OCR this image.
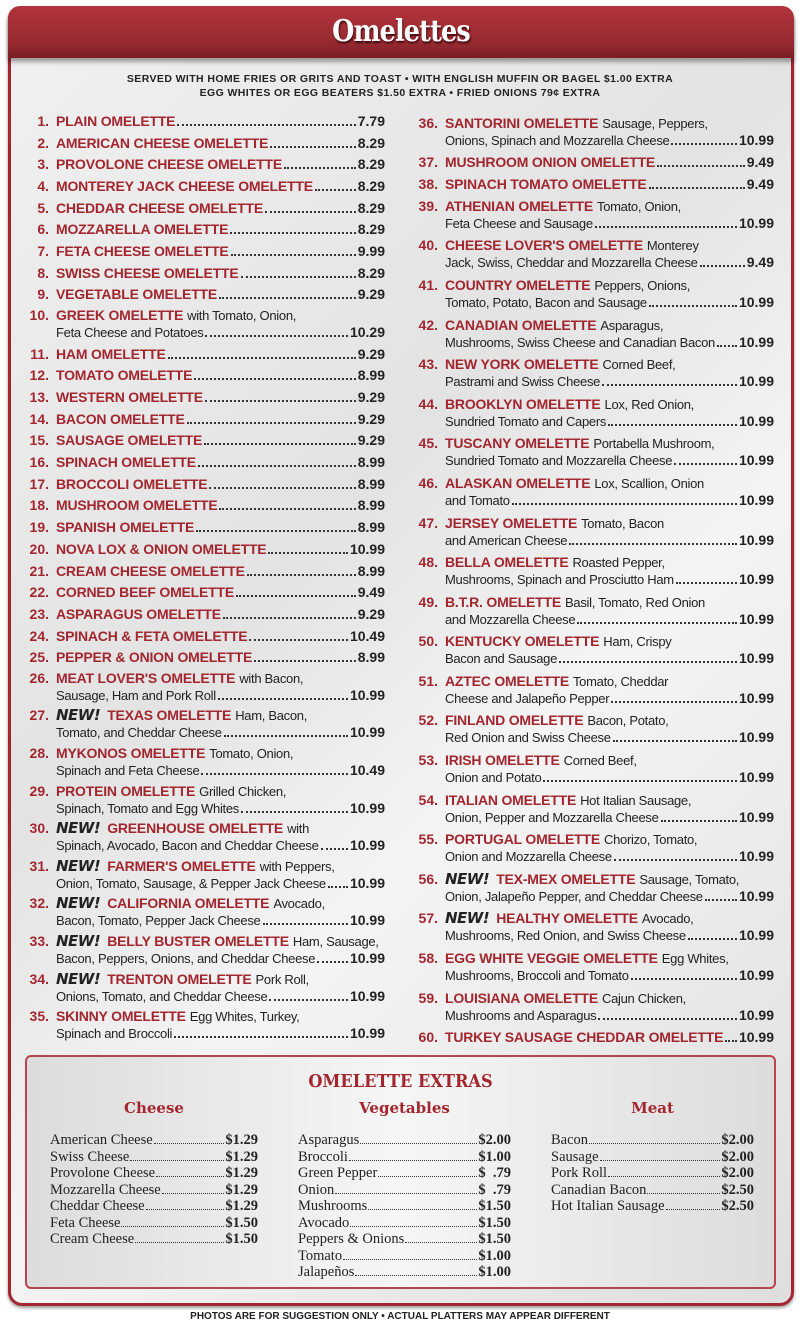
Omelettes
SERVED WITH HOME FRIES OR GRITS AND TOAST • WITH ENGLISH MUFFIN OR BAGEL $1.00 EXTRA
EGG WHITES OR EGG BEATERS $1.50 EXTRA • FRIED ONIONS 79¢ EXTRA
1. PLAIN OMELETTE	7.79
2. AMERICAN CHEESE OMELETTE	8.29
3. PROVOLONE CHEESE OMELETTE	8.29
4. MONTEREY JACK CHEESE OMELETTE	8.29
5. CHEDDAR CHEESE OMELETTE	8.29
6. MOZZARELLA OMELETTE	8.29
7. FETA CHEESE OMELETTE	9.99
8. SWISS CHEESE OMELETTE	8.29
9. VEGETABLE OMELETTE	9.29
10. GREEK OMELETTE with Tomato, Onion,
Feta Cheese and Potatoes	10.29
11. HAM OMELETTE	9.29
12. TOMATO OMELETTE	8.99
13. WESTERN OMELETTE	9.29
14. BACON OMELETTE	9.29
15. SAUSAGE OMELETTE	9.29
16. SPINACH OMELETTE	8.99
17. BROCCOLI OMELETTE	8.99
18. MUSHROOM OMELETTE	8.99
19. SPANISH OMELETTE	8.99
20. NOVA LOX & ONION OMELETTE	10.99
21. CREAM CHEESE OMELETTE	8.99
22. CORNED BEEF OMELETTE	9.49
23. ASPARAGUS OMELETTE	9.29
24. SPINACH & FETA OMELETTE	10.49
25. PEPPER & ONION OMELETTE	8.99
26. MEAT LOVER'S OMELETTE with Bacon,
Sausage, Ham and Pork Roll	10.99
27. NEW! TEXAS OMELETTE Ham, Bacon,
Tomato, and Cheddar Cheese	10.99
28. MYKONOS OMELETTE Tomato, Onion,
Spinach and Feta Cheese	10.49
29. PROTEIN OMELETTE Grilled Chicken,
Spinach, Tomato and Egg Whites	10.99
30. NEW! GREENHOUSE OMELETTE with
Spinach, Avocado, Bacon and Cheddar Cheese 10.99
31. NEW! FARMER'S OMELETTE with Peppers,
Onion, Tomato, Sausage, & Pepper Jack Cheese 10.99
32. NEW! CALIFORNIA OMELETTE Avocado,
Bacon, Tomato, Pepper Jack Cheese	10.99
33. NEW! BELLY BUSTER OMELETTE Ham, Sausage,
Bacon, Peppers, Onions, and Cheddar Cheese 10.99
34. NEW! TRENTON OMELETTE Pork Roll,
Onions, Tomato, and Cheddar Cheese	10.99
35. SKINNY OMELETTE Egg Whites, Turkey,
Spinach and Broccoli	10.99
36. SANTORINI OMELETTE Sausage, Peppers,
Onions, Spinach and Mozzarella Cheese	10.99
37. MUSHROOM ONION OMELETTE	9.49
38. SPINACH TOMATO OMELETTE	9.49
39. ATHENIAN OMELETTE Tomato, Onion,
Feta Cheese and Sausage	10.99
40. CHEESE LOVER'S OMELETTE Monterey
Jack, Swiss, Cheddar and Mozzarella Cheese	9.49
41. COUNTRY OMELETTE Peppers, Onions,
Tomato, Potato, Bacon and Sausage	10.99
42. CANADIAN OMELETTE Asparagus,
Mushrooms, Swiss Cheese and Canadian Bacon 10.99
43. NEW YORK OMELETTE Corned Beef,
Pastrami and Swiss Cheese	10.99
44. BROOKLYN OMELETTE Lox, Red Onion,
Sundried Tomato and Capers	10.99
45. TUSCANY OMELETTE Portabella Mushroom,
Sundried Tomato and Mozzarella Cheese	10.99
46. ALASKAN OMELETTE Lox, Scallion, Onion
and Tomato	10.99
47. JERSEY OMELETTE Tomato, Bacon
and American Cheese	10.99
48. BELLA OMELETTE Roasted Pepper,
Mushrooms, Spinach and Prosciutto Ham	10.99
49. B.T.R. OMELETTE Basil, Tomato, Red Onion
and Mozzarella Cheese	10.99
50. KENTUCKY OMELETTE Ham, Crispy
Bacon and Sausage	10.99
51. AZTEC OMELETTE Tomato, Cheddar
Cheese and Jalapeño Pepper	10.99
52. FINLAND OMELETTE Bacon, Potato,
Red Onion and Swiss Cheese	10.99
53. IRISH OMELETTE Corned Beef,
Onion and Potato	10.99
54. ITALIAN OMELETTE Hot Italian Sausage,
Onion, Pepper and Mozzarella Cheese	10.99
55. PORTUGAL OMELETTE Chorizo, Tomato,
Onion and Mozzarella Cheese	10.99
56. NEW! TEX-MEX OMELETTE Sausage, Tomato,
Onion, Jalapeño Pepper, and Cheddar Cheese	10.99
57. NEW! HEALTHY OMELETTE Avocado,
Mushrooms, Red Onion, and Swiss Cheese	10.99
58. EGG WHITE VEGGIE OMELETTE Egg Whites,
Mushrooms, Broccoli and Tomato	10.99
59. LOUISIANA OMELETTE Cajun Chicken,
Mushrooms and Asparagus	10.99
60. TURKEY SAUSAGE CHEDDAR OMELETTE 10.99
OMELETTE EXTRAS
Cheese
American Cheese	$1.29
Swiss Cheese	$1.29
Provolone Cheese	$1.29
Mozzarella Cheese	$1.29
Cheddar Cheese	$1.29
Feta Cheese	$1.50
Cream Cheese	$1.50
Vegetables
Asparagus	$2.00
Broccoli	$1.00
Green Pepper	$  .79
Onion	$  .79
Mushrooms	$1.50
Avocado	$1.50
Peppers & Onions	$1.50
Tomato	$1.00
Jalapeños	$1.00
Meat
Bacon	$2.00
Sausage	$2.00
Pork Roll	$2.00
Canadian Bacon	$2.50
Hot Italian Sausage	$2.50
PHOTOS ARE FOR SUGGESTION ONLY • ACTUAL PLATTERS MAY APPEAR DIFFERENT
